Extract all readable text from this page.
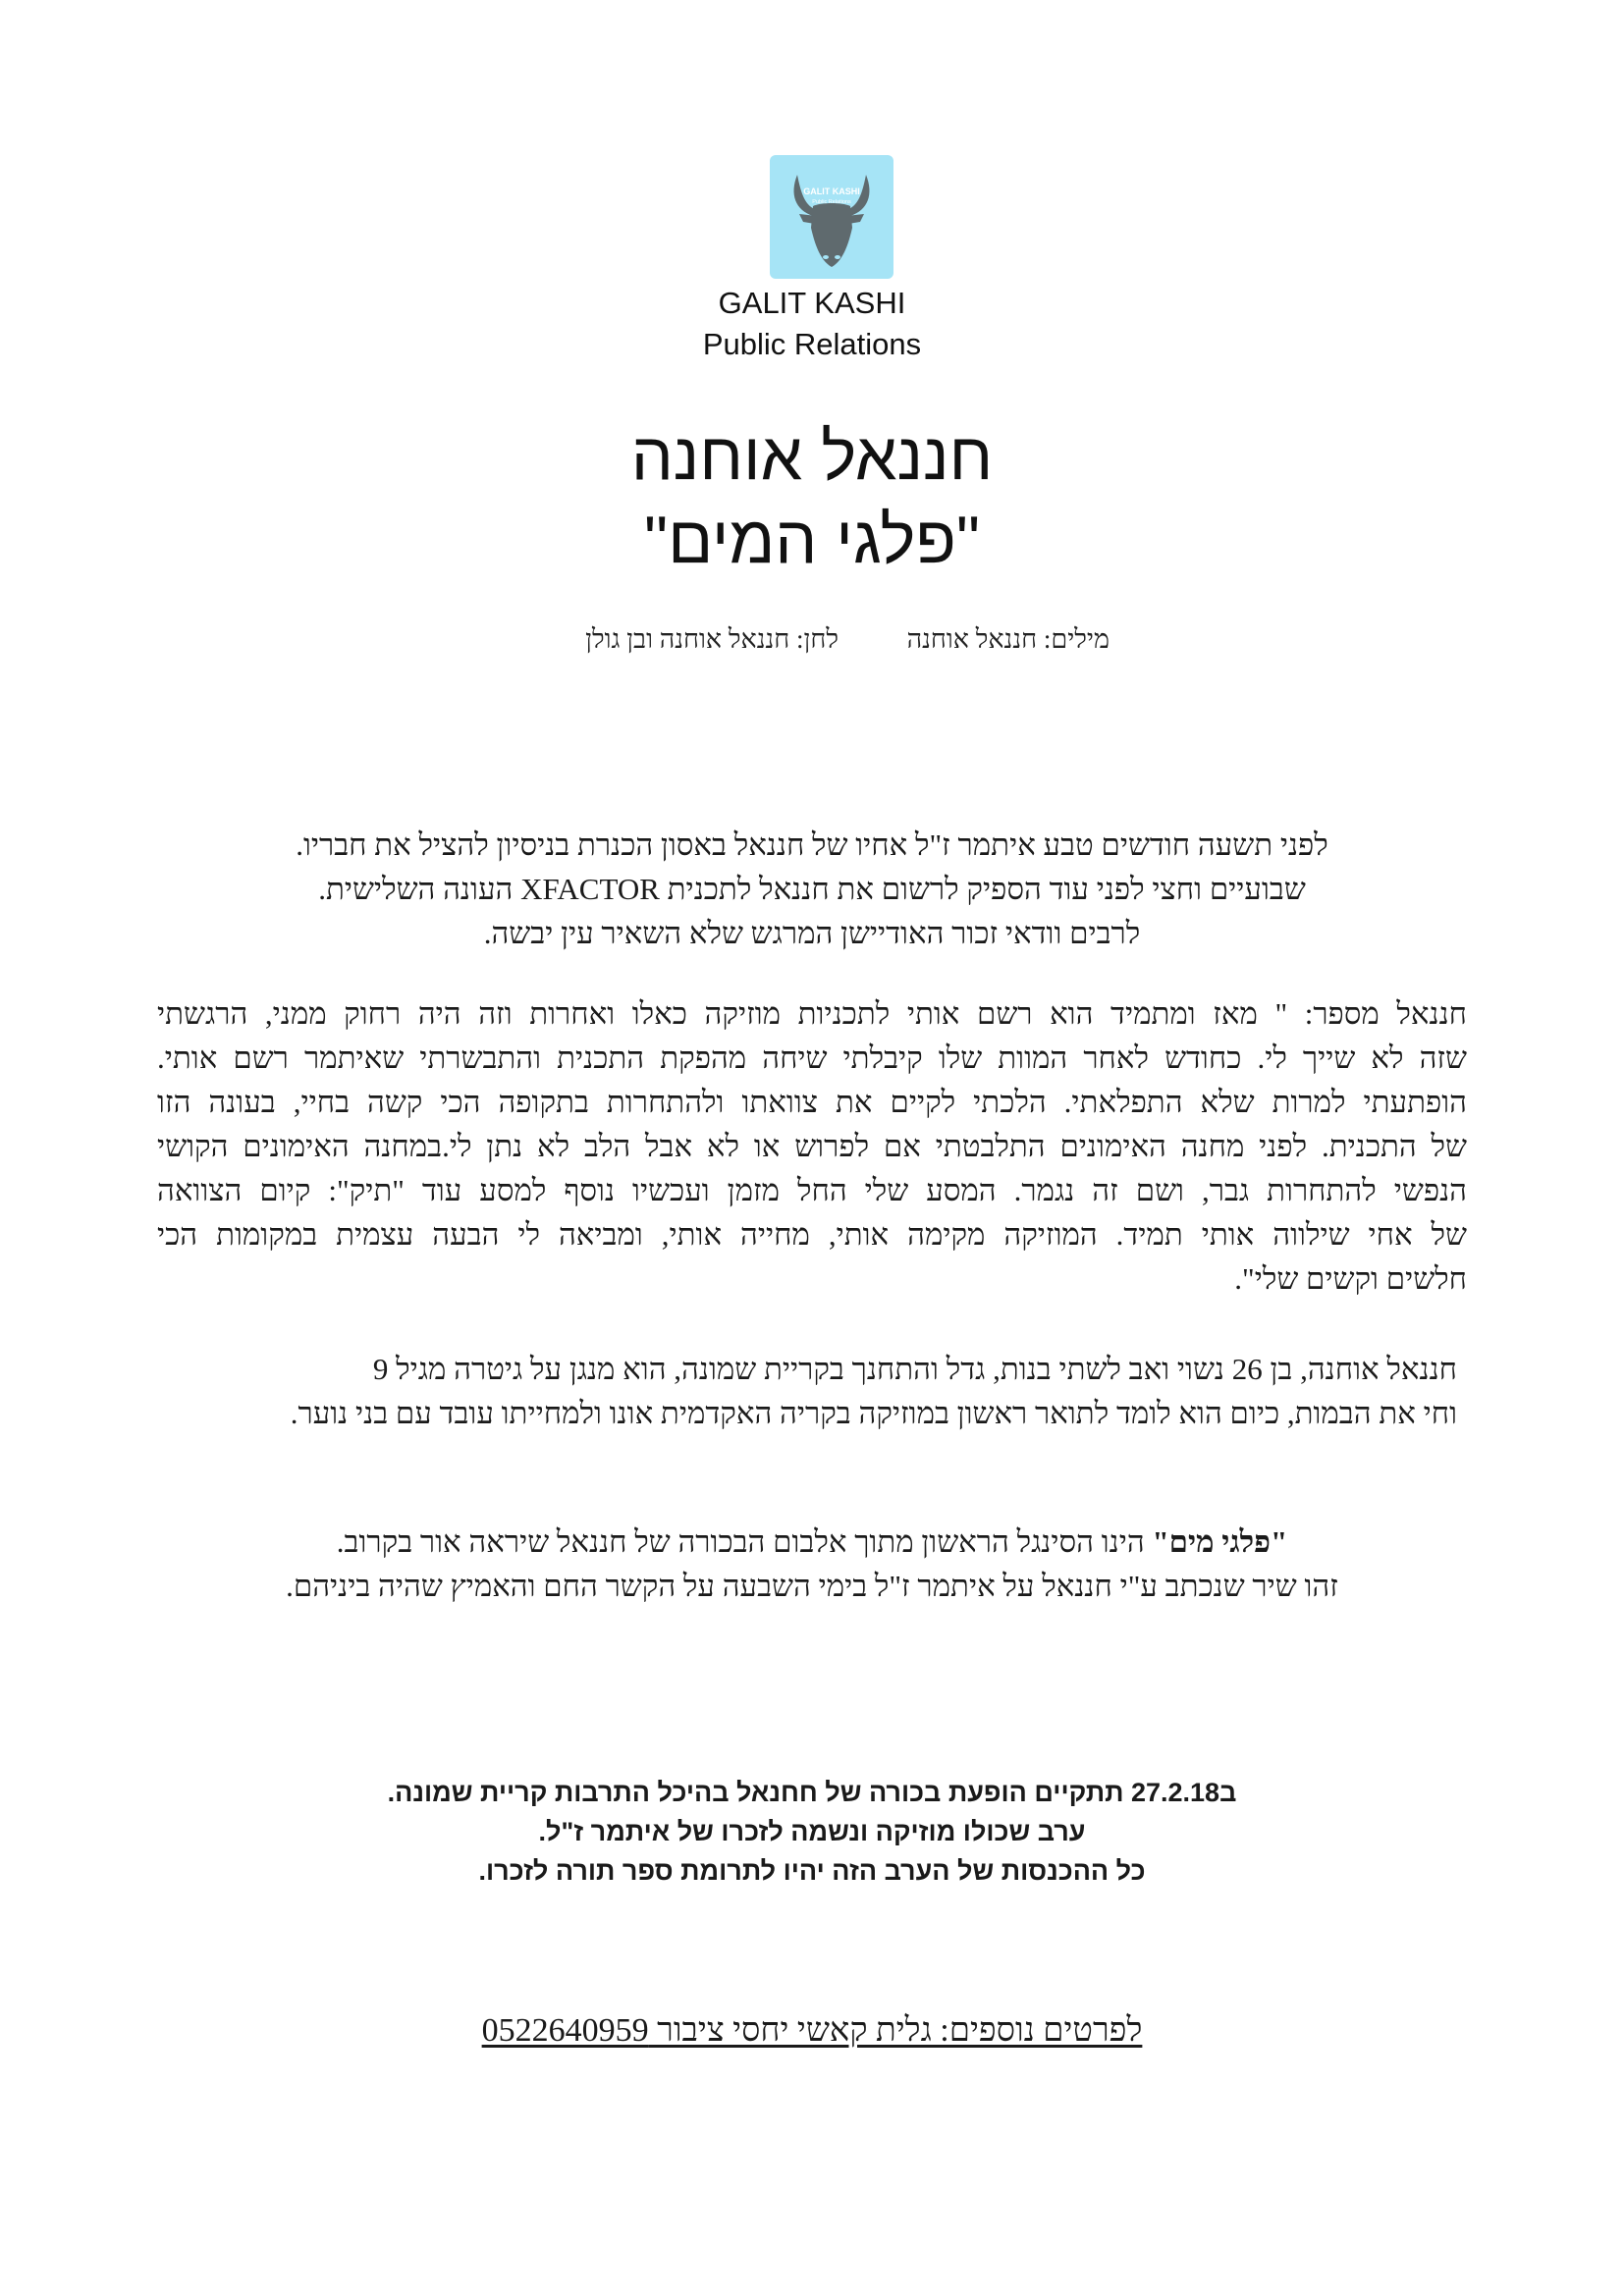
GALIT KASHI
Public Relations
GALIT KASHI
Public Relations
חננאל אוחנה
"פלגי המים"
מילים: חננאל אוחנה
לחן: חננאל אוחנה ובן גולן
לפני תשעה חודשים טבע איתמר ז"ל אחיו של חננאל באסון הכנרת בניסיון להציל את חבריו.
שבועיים וחצי לפני עוד הספיק לרשום את חננאל לתכנית XFACTOR העונה השלישית.
לרבים וודאי זכור האודיישן המרגש שלא השאיר עין יבשה.
חננאל מספר: " מאז ומתמיד הוא רשם אותי לתכניות מוזיקה כאלו ואחרות וזה היה רחוק ממני, הרגשתי
שזה לא שייך לי. כחודש לאחר המוות שלו קיבלתי שיחה מהפקת התכנית והתבשרתי שאיתמר רשם אותי.
הופתעתי למרות שלא התפלאתי. הלכתי לקיים את צוואתו ולהתחרות בתקופה הכי קשה בחיי, בעונה הזו
של התכנית. לפני מחנה האימונים התלבטתי אם לפרוש או לא אבל הלב לא נתן לי.במחנה האימונים הקושי
הנפשי להתחרות גבר, ושם זה נגמר. המסע שלי החל מזמן ועכשיו נוסף למסע עוד "תיק": קיום הצוואה
של אחי שילווה אותי תמיד. המוזיקה מקימה אותי, מחייה אותי, ומביאה לי הבעה עצמית במקומות הכי
חלשים וקשים שלי".
חננאל אוחנה, בן 26 נשוי ואב לשתי בנות, גדל והתחנך בקריית שמונה, הוא מנגן על גיטרה מגיל 9
וחי את הבמות, כיום הוא לומד לתואר ראשון במוזיקה בקריה האקדמית אונו ולמחייתו עובד עם בני נוער.
"פלגי מים" הינו הסינגל הראשון מתוך אלבום הבכורה של חננאל שיראה אור בקרוב.
זהו שיר שנכתב ע"י חננאל על איתמר ז"ל בימי השבעה על הקשר החם והאמיץ שהיה ביניהם.
ב27.2.18 תתקיים הופעת בכורה של חחנאל בהיכל התרבות קריית שמונה.
ערב שכולו מוזיקה ונשמה לזכרו של איתמר ז"ל.
כל ההכנסות של הערב הזה יהיו לתרומת ספר תורה לזכרו.
לפרטים נוספים: גלית קאשי יחסי ציבור 0522640959
